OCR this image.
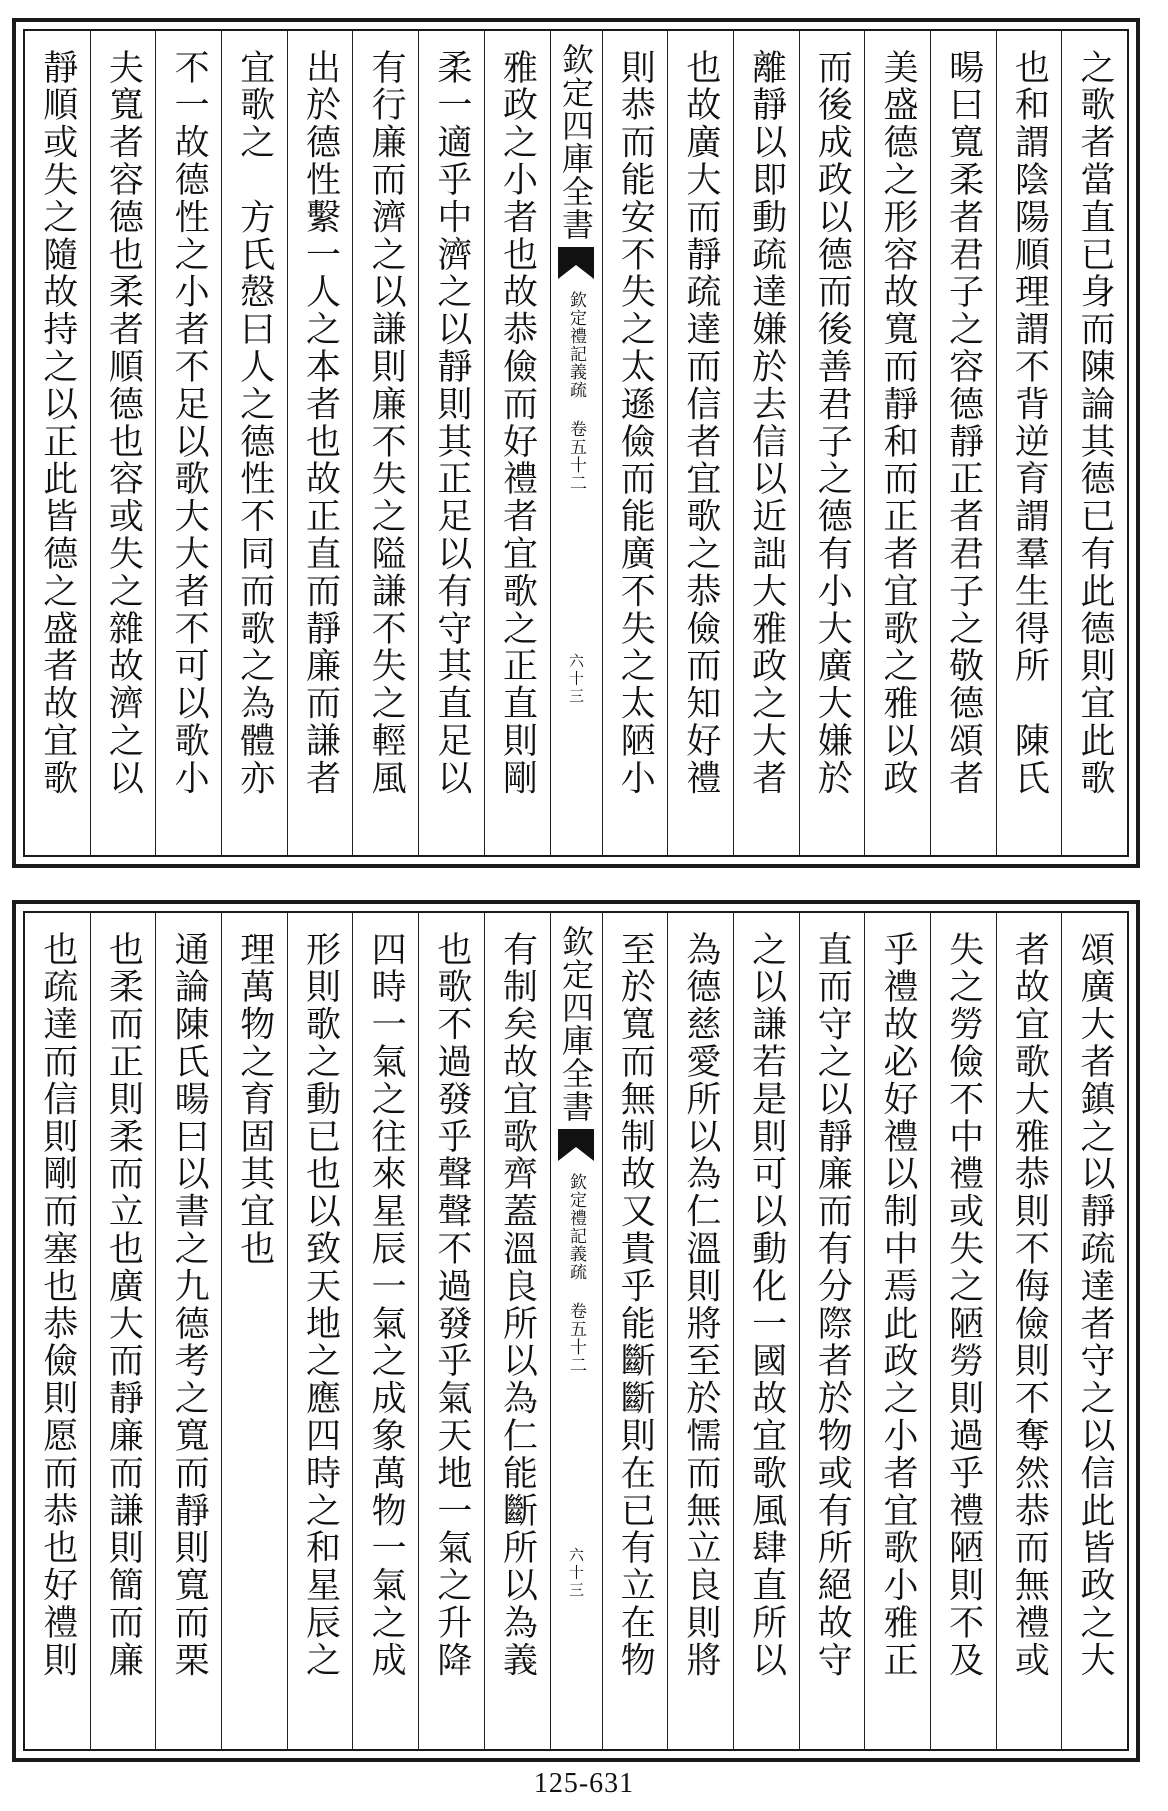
之歌者當直已身而陳論其德已有此德則宜此歌
也和謂陰陽順理謂不背逆育謂羣生得所　陳氏
暘曰寬柔者君子之容德靜正者君子之敬德頌者
美盛德之形容故寬而靜和而正者宜歌之雅以政
而後成政以德而後善君子之德有小大廣大嫌於
離靜以即動疏達嫌於去信以近詘大雅政之大者
也故廣大而靜疏達而信者宜歌之恭儉而知好禮
則恭而能安不失之太遜儉而能廣不失之太陋小
欽定四庫全書
欽定禮記義疏 卷五十二
六十三
雅政之小者也故恭儉而好禮者宜歌之正直則剛
柔一適乎中濟之以靜則其正足以有守其直足以
有行廉而濟之以謙則廉不失之隘謙不失之輕風
出於德性繫一人之本者也故正直而靜廉而謙者
宜歌之　方氏慤曰人之德性不同而歌之為體亦
不一故德性之小者不足以歌大大者不可以歌小
夫寬者容德也柔者順德也容或失之雜故濟之以
靜順或失之隨故持之以正此皆德之盛者故宜歌
頌廣大者鎮之以靜疏達者守之以信此皆政之大
者故宜歌大雅恭則不侮儉則不奪然恭而無禮或
失之勞儉不中禮或失之陋勞則過乎禮陋則不及
乎禮故必好禮以制中焉此政之小者宜歌小雅正
直而守之以靜廉而有分際者於物或有所絕故守
之以謙若是則可以動化一國故宜歌風肆直所以
為德慈愛所以為仁溫則將至於懦而無立良則將
至於寬而無制故又貴乎能斷斷則在已有立在物
欽定四庫全書
欽定禮記義疏 卷五十二
六十三
有制矣故宜歌齊蓋溫良所以為仁能斷所以為義
也歌不過發乎聲聲不過發乎氣天地一氣之升降
四時一氣之往來星辰一氣之成象萬物一氣之成
形則歌之動已也以致天地之應四時之和星辰之
理萬物之育固其宜也
通論陳氏暘曰以書之九德考之寬而靜則寬而栗
也柔而正則柔而立也廣大而靜廉而謙則簡而廉
也疏達而信則剛而塞也恭儉則愿而恭也好禮則
125-631
